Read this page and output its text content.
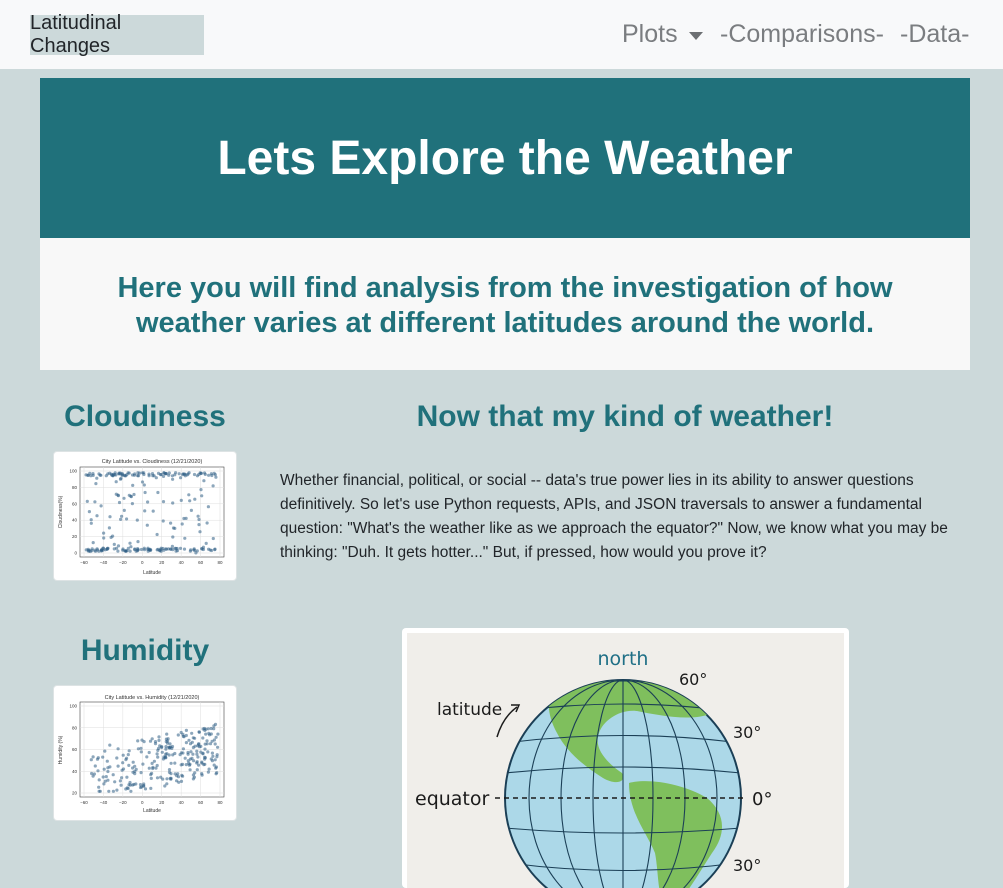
Latitudinal Changes	Plots -Comparisons- -Data-
Lets Explore the Weather
Here you will find analysis from the investigation of how weather varies at different latitudes around the world.
Cloudiness
City Latitude vs. Cloudiness (12/21/2020)
−60	−40	−20	0	20	40	60	80
100
80
60
40
20
0
Latitude
Cloudiness(%)
Humidity
City Latitude vs. Humidity (12/21/2020)
−60	−40	−20	0	20	40	60	80
100
80
60
40
20
Latitude
Humidity (%)
Now that my kind of weather!
Whether financial, political, or social -- data's true power lies in its ability to answer questions definitively. So let's use Python requests, APIs, and JSON traversals to answer a fundamental question: "What's the weather like as we approach the equator?" Now, we know what you may be thinking: "Duh. It gets hotter..." But, if pressed, how would you prove it?
north
latitude
equator
60°
30°
0°
30°
